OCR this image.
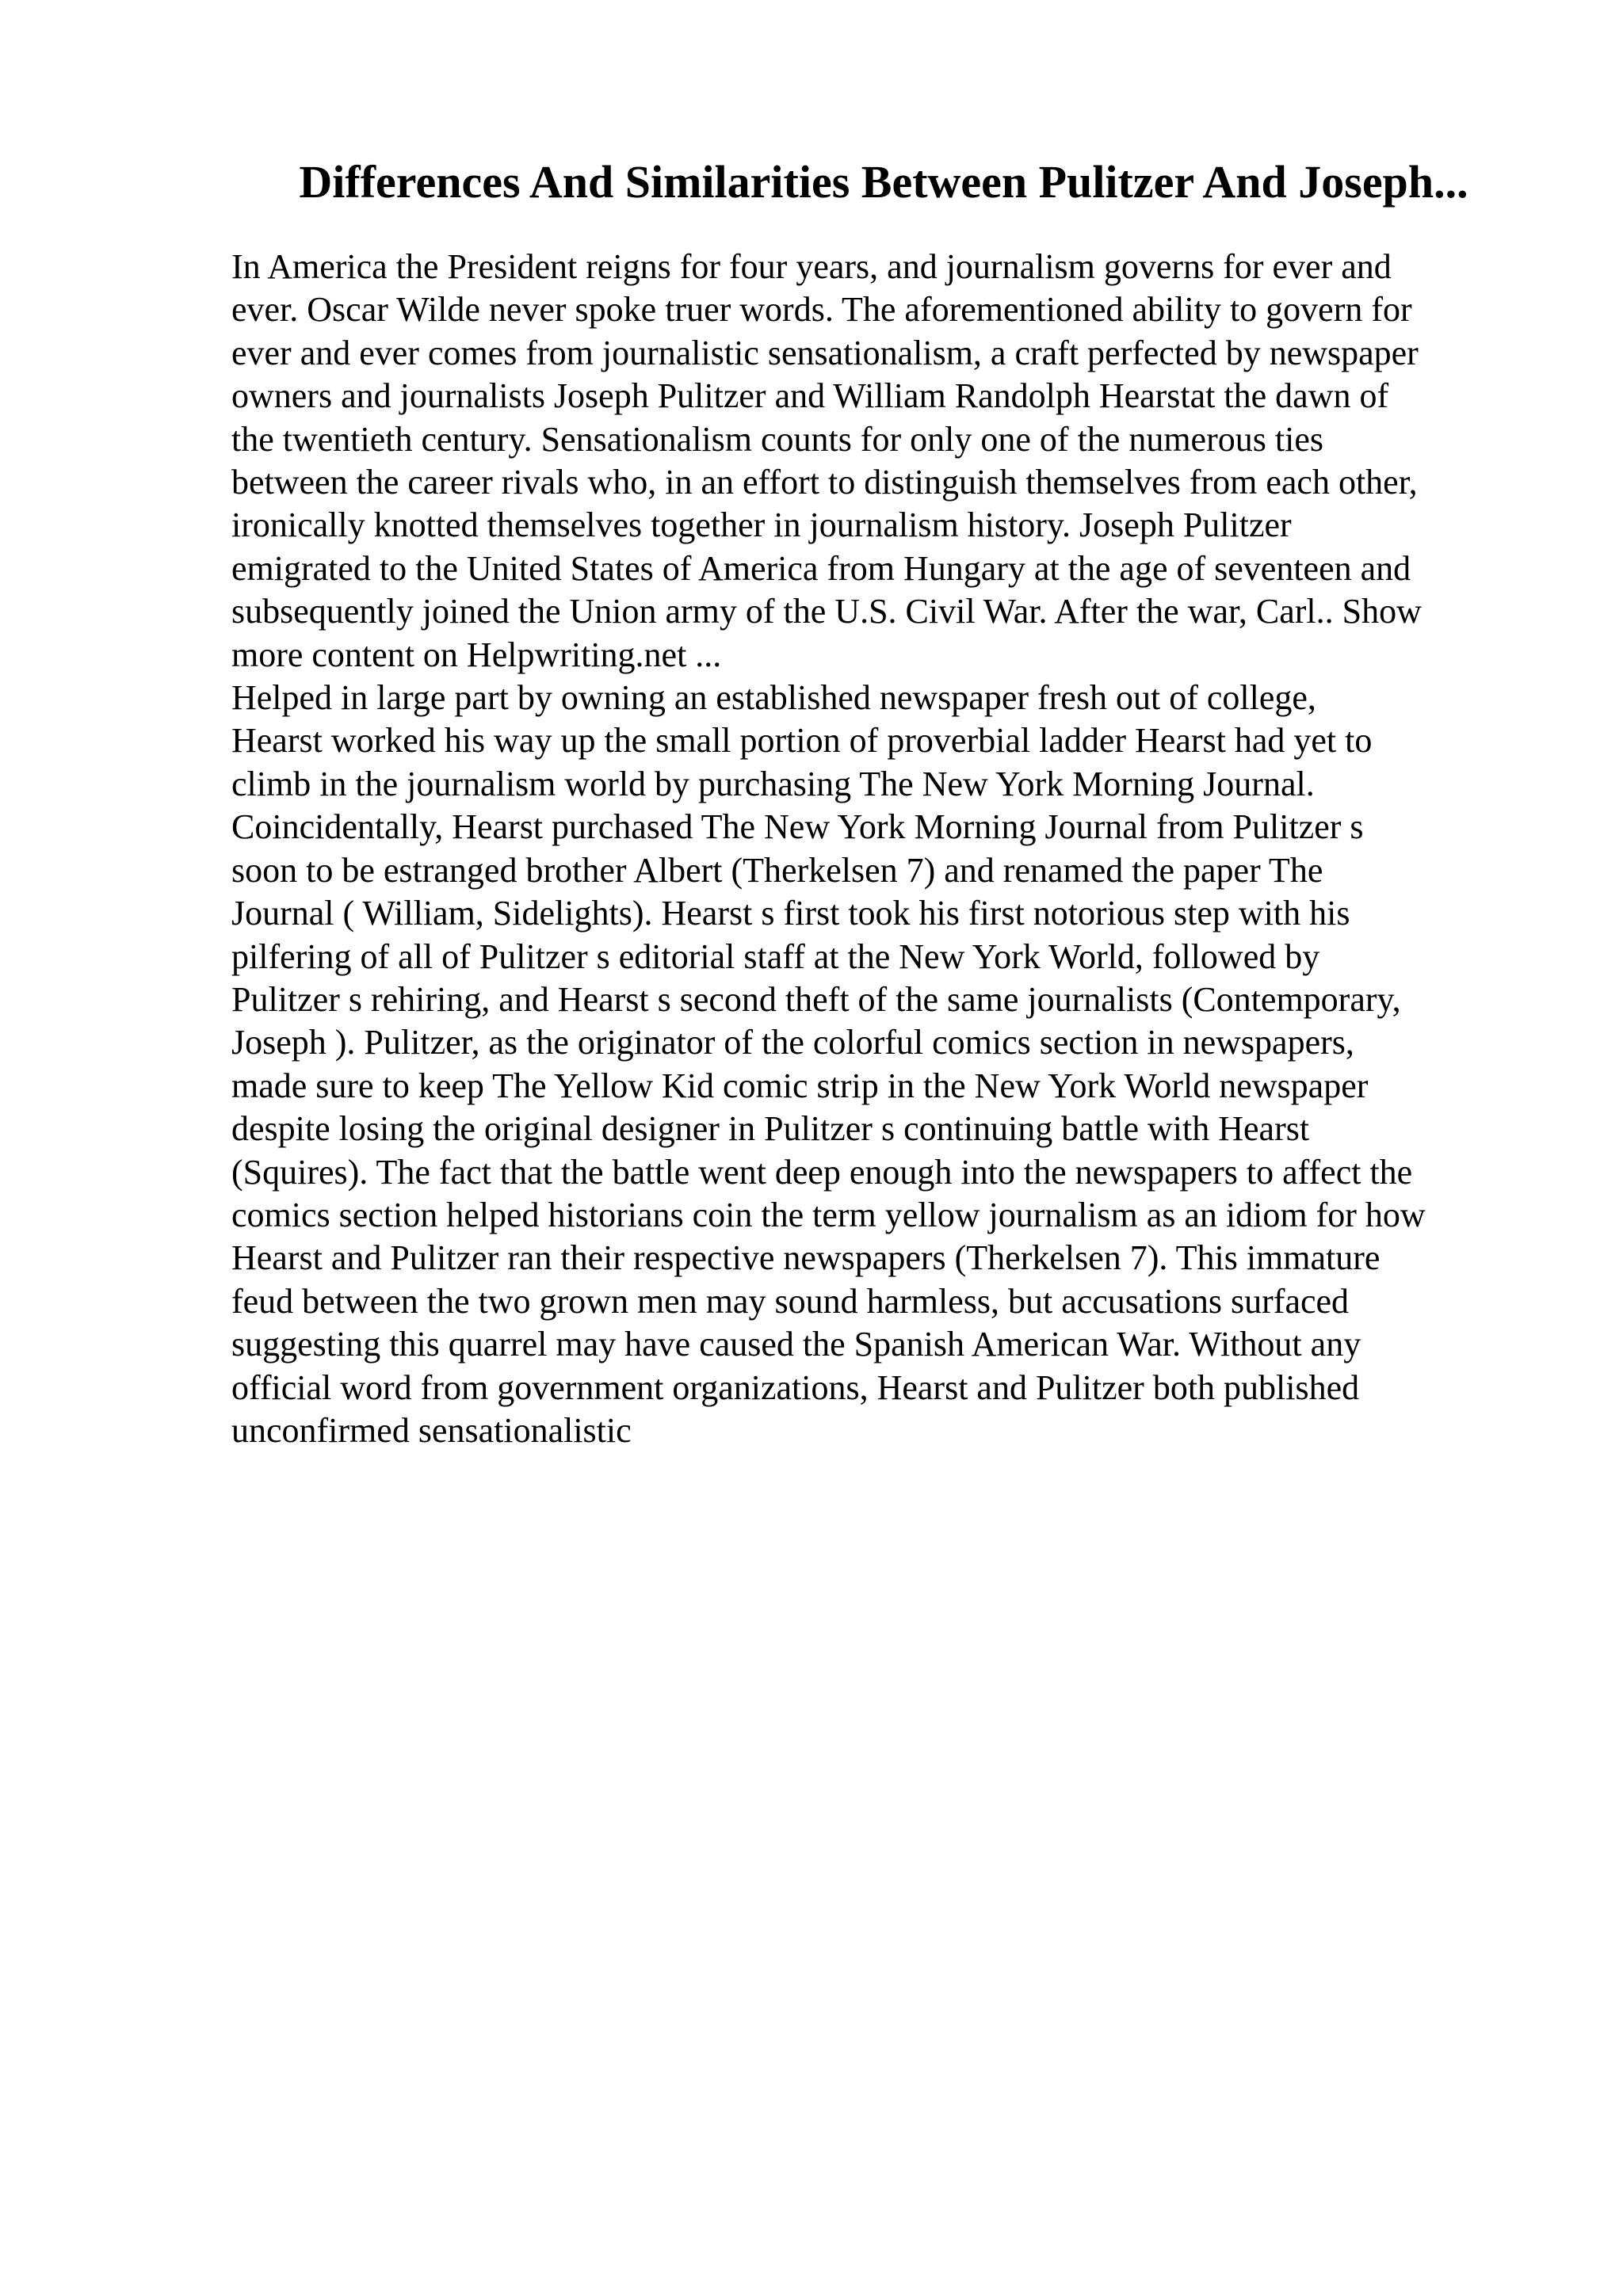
Differences And Similarities Between Pulitzer And Joseph...

In America the President reigns for four years, and journalism governs for ever and
ever. Oscar Wilde never spoke truer words. The aforementioned ability to govern for
ever and ever comes from journalistic sensationalism, a craft perfected by newspaper
owners and journalists Joseph Pulitzer and William Randolph Hearstat the dawn of
the twentieth century. Sensationalism counts for only one of the numerous ties
between the career rivals who, in an effort to distinguish themselves from each other,
ironically knotted themselves together in journalism history. Joseph Pulitzer
emigrated to the United States of America from Hungary at the age of seventeen and
subsequently joined the Union army of the U.S. Civil War. After the war, Carl.. Show
more content on Helpwriting.net ...

Helped in large part by owning an established newspaper fresh out of college,
Hearst worked his way up the small portion of proverbial ladder Hearst had yet to
climb in the journalism world by purchasing The New York Morning Journal.
Coincidentally, Hearst purchased The New York Morning Journal from Pulitzer s
soon to be estranged brother Albert (Therkelsen 7) and renamed the paper The
Journal ( William, Sidelights). Hearst s first took his first notorious step with his
pilfering of all of Pulitzer s editorial staff at the New York World, followed by
Pulitzer s rehiring, and Hearst s second theft of the same journalists (Contemporary,
Joseph ). Pulitzer, as the originator of the colorful comics section in newspapers,
made sure to keep The Yellow Kid comic strip in the New York World newspaper
despite losing the original designer in Pulitzer s continuing battle with Hearst
(Squires). The fact that the battle went deep enough into the newspapers to affect the
comics section helped historians coin the term yellow journalism as an idiom for how
Hearst and Pulitzer ran their respective newspapers (Therkelsen 7). This immature
feud between the two grown men may sound harmless, but accusations surfaced
suggesting this quarrel may have caused the Spanish American War. Without any
official word from government organizations, Hearst and Pulitzer both published
unconfirmed sensationalistic
